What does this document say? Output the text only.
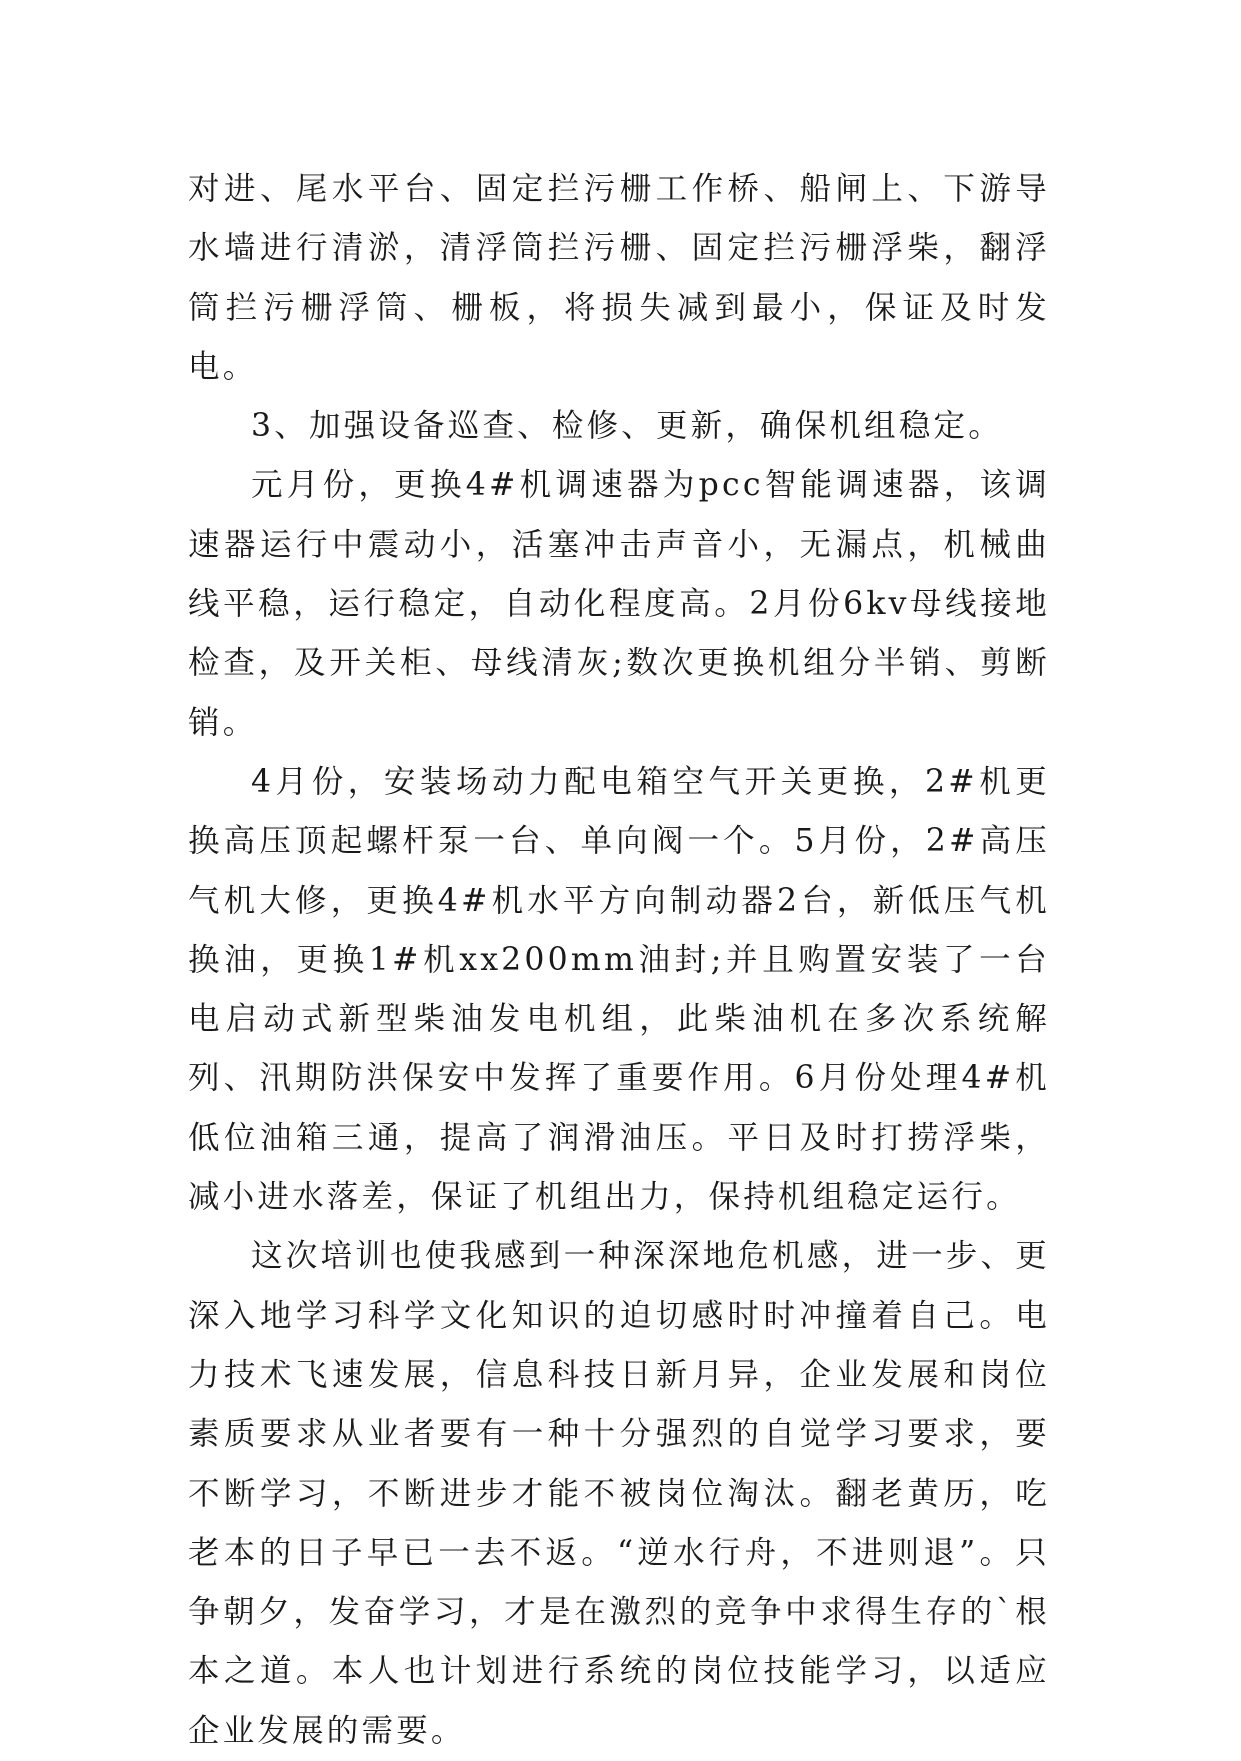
对进、尾水平台、固定拦污栅工作桥、船闸上、下游导水墙进行清淤，清浮筒拦污栅、固定拦污栅浮柴，翻浮筒拦污栅浮筒、栅板，将损失减到最小，保证及时发电。

3、加强设备巡查、检修、更新，确保机组稳定。

元月份，更换4#机调速器为pcc智能调速器，该调速器运行中震动小，活塞冲击声音小，无漏点，机械曲线平稳，运行稳定，自动化程度高。2月份6kv母线接地检查，及开关柜、母线清灰;数次更换机组分半销、剪断销。

4月份，安装场动力配电箱空气开关更换，2#机更换高压顶起螺杆泵一台、单向阀一个。5月份，2#高压气机大修，更换4#机水平方向制动器2台，新低压气机换油，更换1#机xx200mm油封;并且购置安装了一台电启动式新型柴油发电机组，此柴油机在多次系统解列、汛期防洪保安中发挥了重要作用。6月份处理4#机低位油箱三通，提高了润滑油压。平日及时打捞浮柴，减小进水落差，保证了机组出力，保持机组稳定运行。

这次培训也使我感到一种深深地危机感，进一步、更深入地学习科学文化知识的迫切感时时冲撞着自己。电力技术飞速发展，信息科技日新月异，企业发展和岗位素质要求从业者要有一种十分强烈的自觉学习要求，要不断学习，不断进步才能不被岗位淘汰。翻老黄历，吃老本的日子早已一去不返。“逆水行舟，不进则退”。只争朝夕，发奋学习，才是在激烈的竞争中求得生存的`根本之道。本人也计划进行系统的岗位技能学习，以适应企业发展的需要。
